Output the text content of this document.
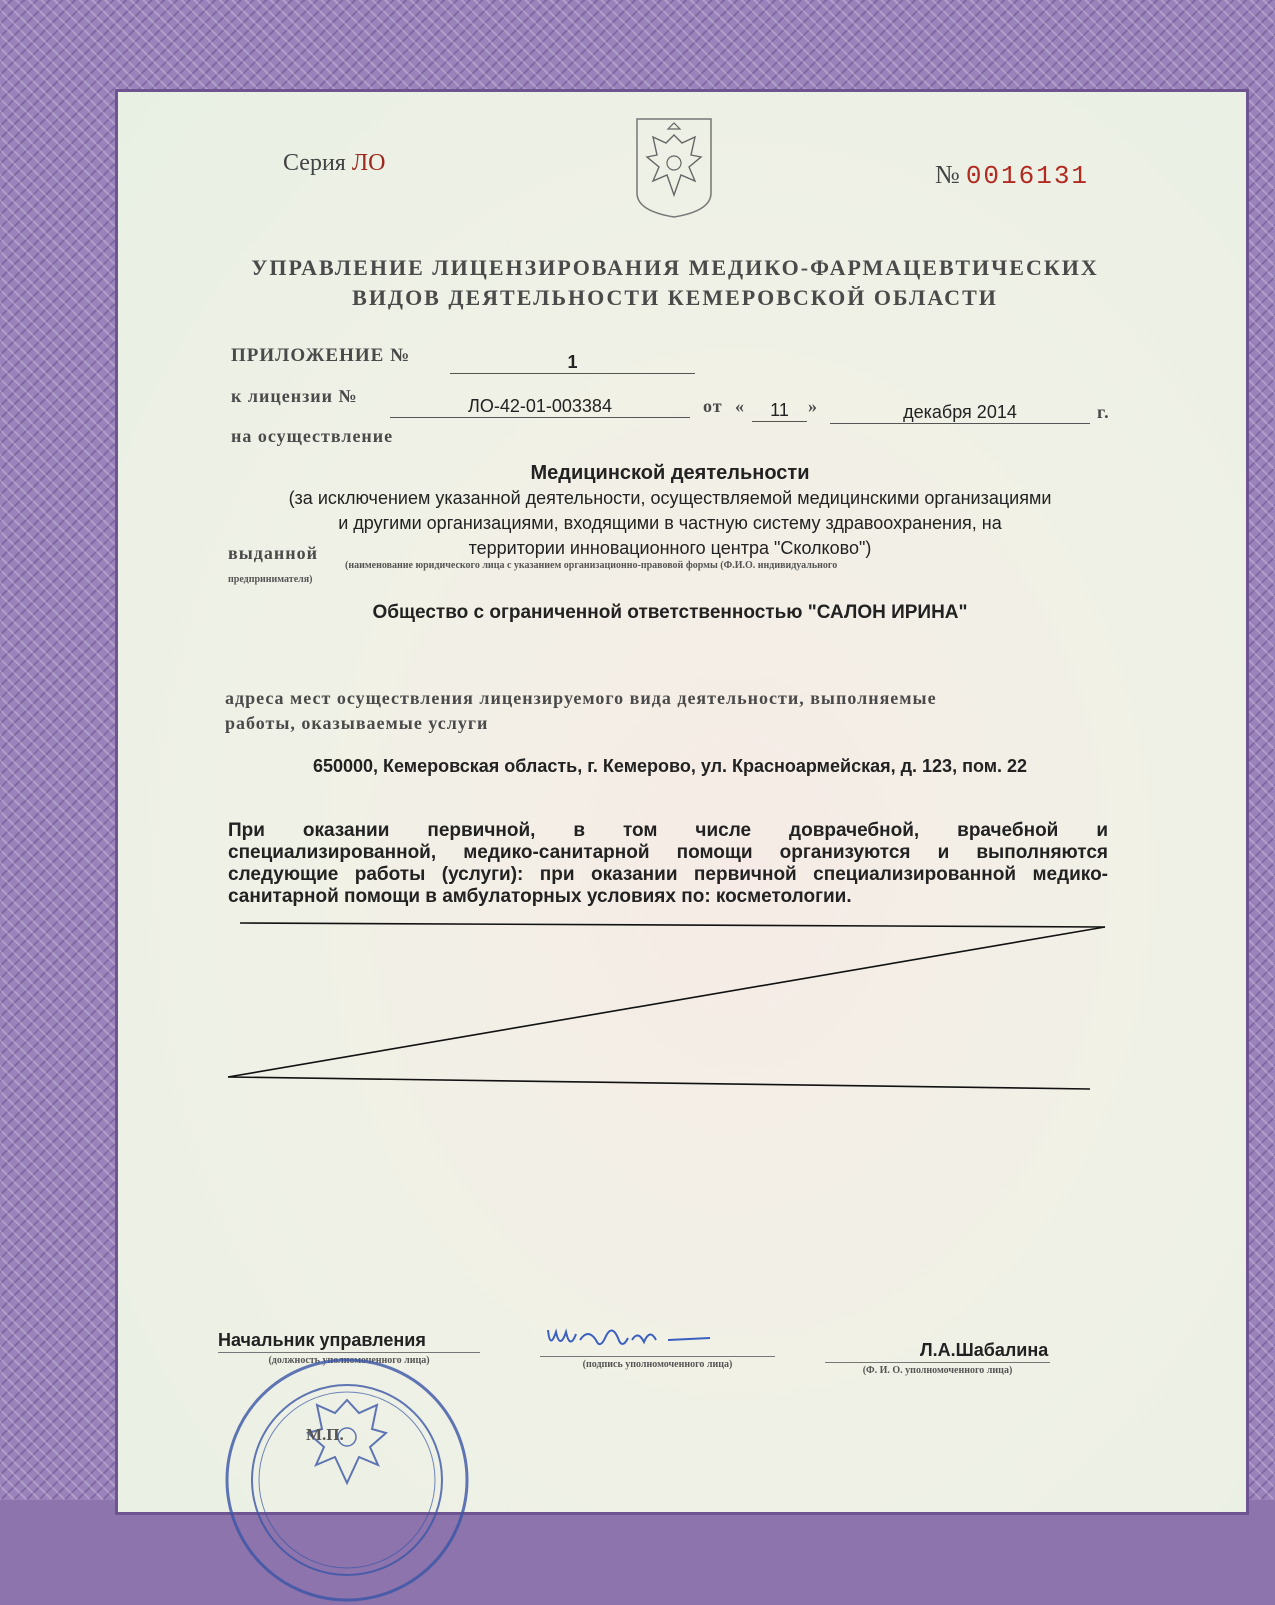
Серия ЛО	№ 0016131
УПРАВЛЕНИЕ ЛИЦЕНЗИРОВАНИЯ МЕДИКО-ФАРМАЦЕВТИЧЕСКИХ
ВИДОВ ДЕЯТЕЛЬНОСТИ КЕМЕРОВСКОЙ ОБЛАСТИ
ПРИЛОЖЕНИЕ №	1
к лицензии №	ЛО-42-01-003384	от «	11	»	декабря 2014	г.
на осуществление
Медицинской деятельности
(за исключением указанной деятельности, осуществляемой медицинскими организациями
и другими организациями, входящими в частную систему здравоохранения, на
территории инновационного центра "Сколково")
выданной
(наименование юридического лица с указанием организационно-правовой формы (Ф.И.О. индивидуального
предпринимателя)
Общество с ограниченной ответственностью "САЛОН ИРИНА"
адреса мест осуществления лицензируемого вида деятельности, выполняемые
работы, оказываемые услуги
650000, Кемеровская область, г. Кемерово, ул. Красноармейская, д. 123, пом. 22
При оказании первичной, в том числе доврачебной, врачебной и
специализированной, медико-санитарной помощи организуются и выполняются
следующие работы (услуги): при оказании первичной специализированной медико-
санитарной помощи в амбулаторных условиях по: косметологии.
Начальник управления
(должность уполномоченного лица)	(подпись уполномоченного лица)
Л.А.Шабалина
(Ф. И. О. уполномоченного лица)
М.П.
